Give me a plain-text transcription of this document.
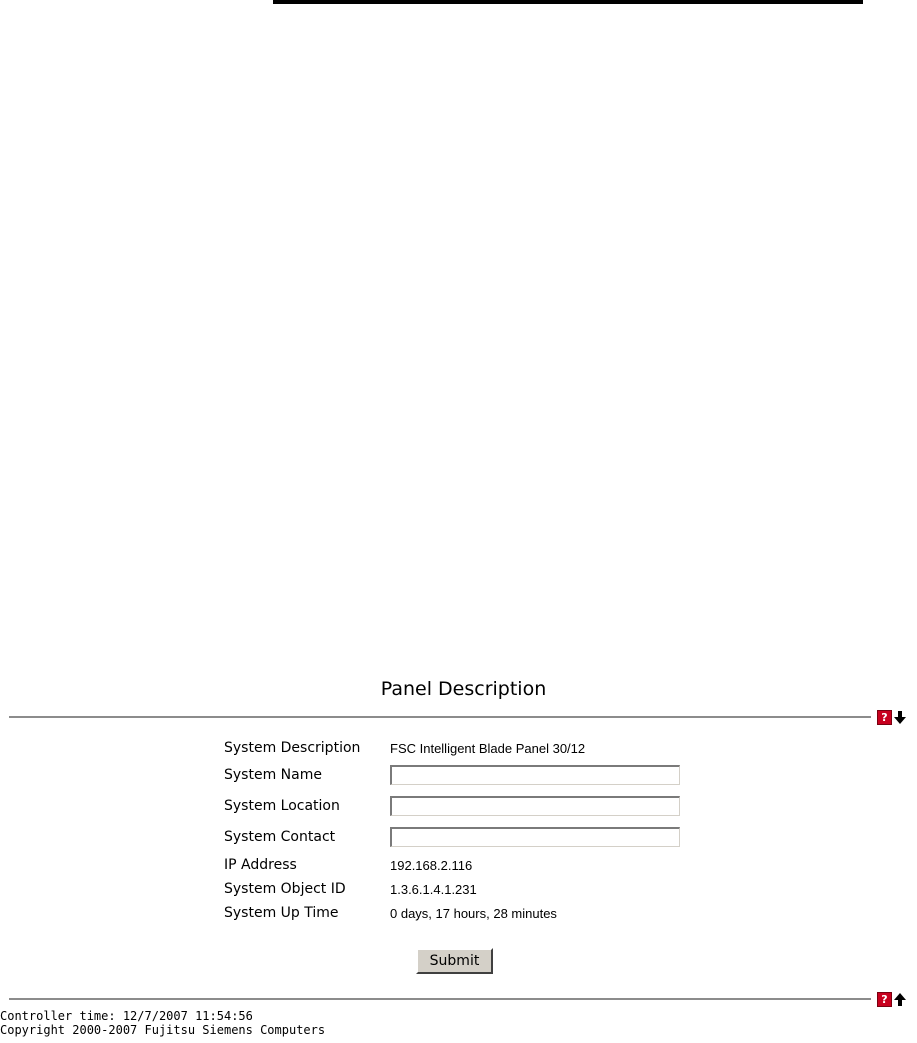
Panel Description
?
System Description	FSC Intelligent Blade Panel 30/12
System Name
System Location
System Contact
IP Address	192.168.2.116
System Object ID	1.3.6.1.4.1.231
System Up Time	0 days, 17 hours, 28 minutes
Submit
?
Controller time: 12/7/2007 11:54:56
Copyright 2000-2007 Fujitsu Siemens Computers
